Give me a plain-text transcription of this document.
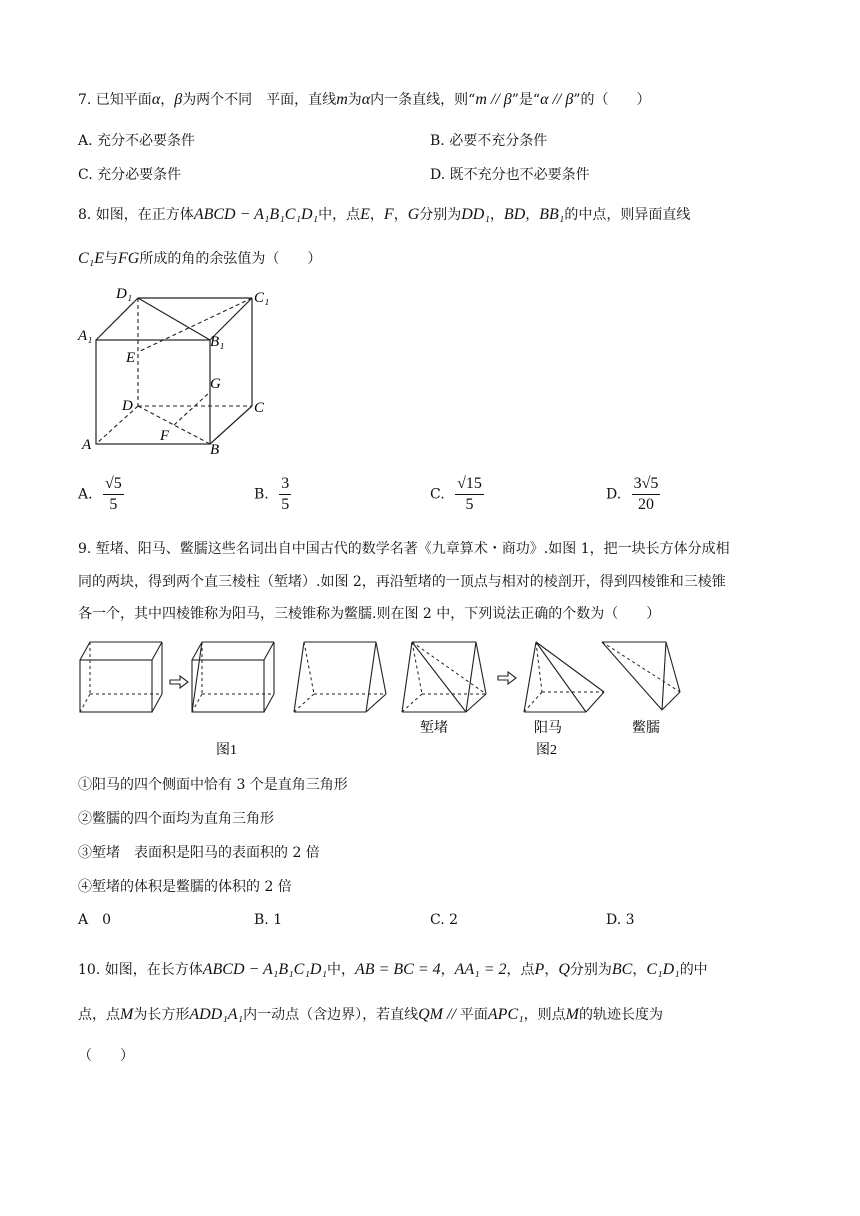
7. 已知平面α，β为两个不同　平面，直线m为α内一条直线，则“m // β”是“α // β”的（　　）
A. 充分不必要条件	B. 必要不充分条件
C. 充分必要条件	D. 既不充分也不必要条件
8. 如图，在正方体ABCD − A₁B₁C₁D₁中，点E，F，G分别为DD₁，BD，BB₁的中点，则异面直线
C₁E与FG所成的角的余弦值为（　　）
D₁	C₁
A₁	B₁
E
G
D	C
A
F
B
A. $\frac{√5}{5}$	B. $\frac{3}{5}$	C. $\frac{√15}{5}$	D. $\frac{3√5}{20}$
9. 堑堵、阳马、鳖臑这些名词出自中国古代的数学名著《九章算术・商功》.如图 1，把一块长方体分成相
同的两块，得到两个直三棱柱（堑堵）.如图 2，再沿堑堵的一顶点与相对的棱剖开，得到四棱锥和三棱锥
各一个，其中四棱锥称为阳马，三棱锥称为鳖臑.则在图 2 中，下列说法正确的个数为（　　）
堑堵	阳马	鳖臑
图1	图2
①阳马的四个侧面中恰有 3 个是直角三角形
②鳖臑的四个面均为直角三角形
③堑堵　表面积是阳马的表面积的 2 倍
④堑堵的体积是鳖臑的体积的 2 倍
A　0	B. 1	C. 2	D. 3
10. 如图，在长方体ABCD − A₁B₁C₁D₁中，AB = BC = 4，AA₁ = 2，点P，Q分别为BC，C₁D₁的中
点，点M为长方形ADD₁A₁内一动点（含边界），若直线QM // 平面APC₁，则点M的轨迹长度为
（　　）
